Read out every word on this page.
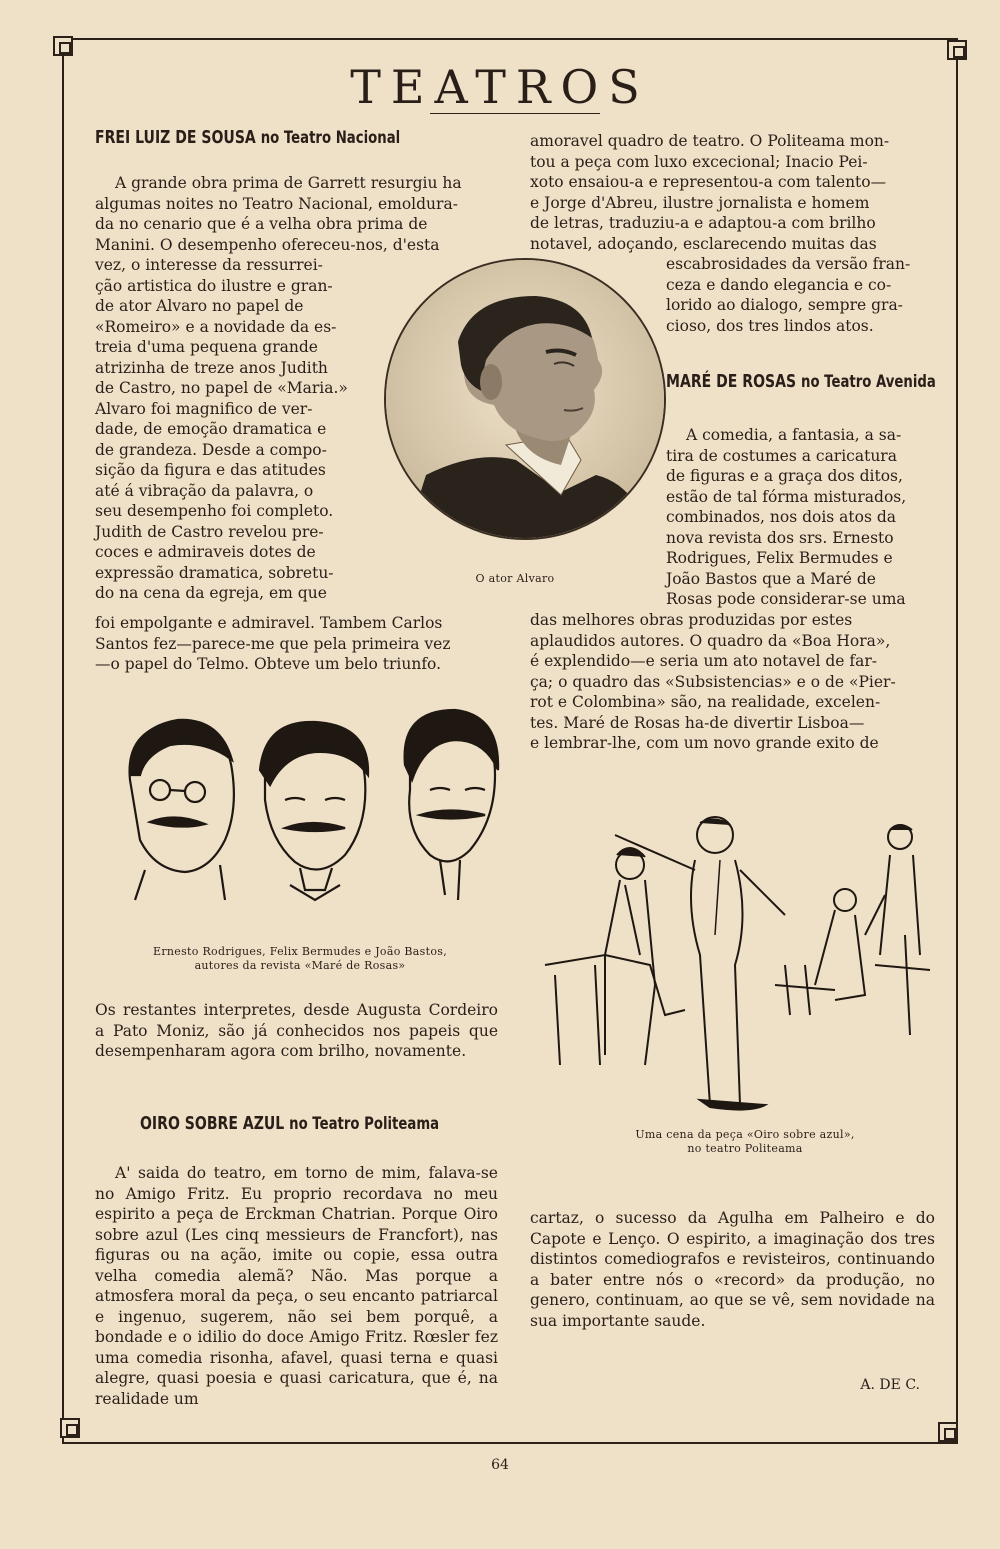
TEATROS
FREI LUIZ DE SOUSA no Teatro Nacional

A grande obra prima de Garrett resurgiu ha

algumas noites no Teatro Nacional, emoldura-

da no cenario que é a velha obra prima de

Manini. O desempenho ofereceu-nos, d'esta

vez, o interesse da ressurrei-

ção artistica do ilustre e gran-

de ator Alvaro no papel de

«Romeiro» e a novidade da es-

treia d'uma pequena grande

atrizinha de treze anos Judith

de Castro, no papel de «Maria.»

Alvaro foi magnifico de ver-

dade, de emoção dramatica e

de grandeza. Desde a compo-

sição da figura e das atitudes

até á vibração da palavra, o

seu desempenho foi completo.

Judith de Castro revelou pre-

coces e admiraveis dotes de

expressão dramatica, sobretu-

do na cena da egreja, em que

foi empolgante e admiravel. Tambem Carlos

Santos fez—parece-me que pela primeira vez

—o papel do Telmo. Obteve um belo triunfo.

O ator Alvaro

amoravel quadro de teatro. O Politeama mon-

tou a peça com luxo excecional; Inacio Pei-

xoto ensaiou-a e representou-a com talento—

e Jorge d'Abreu, ilustre jornalista e homem

de letras, traduziu-a e adaptou-a com brilho

notavel, adoçando, esclarecendo muitas das

escabrosidades da versão fran-

ceza e dando elegancia e co-

lorido ao dialogo, sempre gra-

cioso, dos tres lindos atos.

MARÉ DE ROSAS no Teatro Avenida

A comedia, a fantasia, a sa-

tira de costumes a caricatura

de figuras e a graça dos ditos,

estão de tal fórma misturados,

combinados, nos dois atos da

nova revista dos srs. Ernesto

Rodrigues, Felix Bermudes e

João Bastos que a Maré de

Rosas pode considerar-se uma

das melhores obras produzidas por estes

aplaudidos autores. O quadro da «Boa Hora»,

é explendido—e seria um ato notavel de far-

ça; o quadro das «Subsistencias» e o de «Pier-

rot e Colombina» são, na realidade, excelen-

tes. Maré de Rosas ha-de divertir Lisboa—

e lembrar-lhe, com um novo grande exito de

Ernesto Rodrigues, Felix Bermudes e João Bastos,
autores da revista «Maré de Rosas»

Os restantes interpretes, desde Augusta Cordeiro a Pato Moniz, são já conhecidos nos papeis que desempenharam agora com brilho, novamente.

OIRO SOBRE AZUL no Teatro Politeama

A' saida do teatro, em torno de mim, falava-se no Amigo Fritz. Eu proprio recordava no meu espirito a peça de Erckman Chatrian. Porque Oiro sobre azul (Les cinq messieurs de Francfort), nas figuras ou na ação, imite ou copie, essa outra velha comedia alemã? Não. Mas porque a atmosfera moral da peça, o seu encanto patriarcal e ingenuo, sugerem, não sei bem porquê, a bondade e o idilio do doce Amigo Fritz. Rœsler fez uma comedia risonha, afavel, quasi terna e quasi alegre, quasi poesia e quasi caricatura, que é, na realidade um

Uma cena da peça «Oiro sobre azul»,
no teatro Politeama

cartaz, o sucesso da Agulha em Palheiro e do Capote e Lenço. O espirito, a imaginação dos tres distintos comediografos e revisteiros, continuando a bater entre nós o «record» da produção, no genero, continuam, ao que se vê, sem novidade na sua importante saude.

A. DE C.
64
